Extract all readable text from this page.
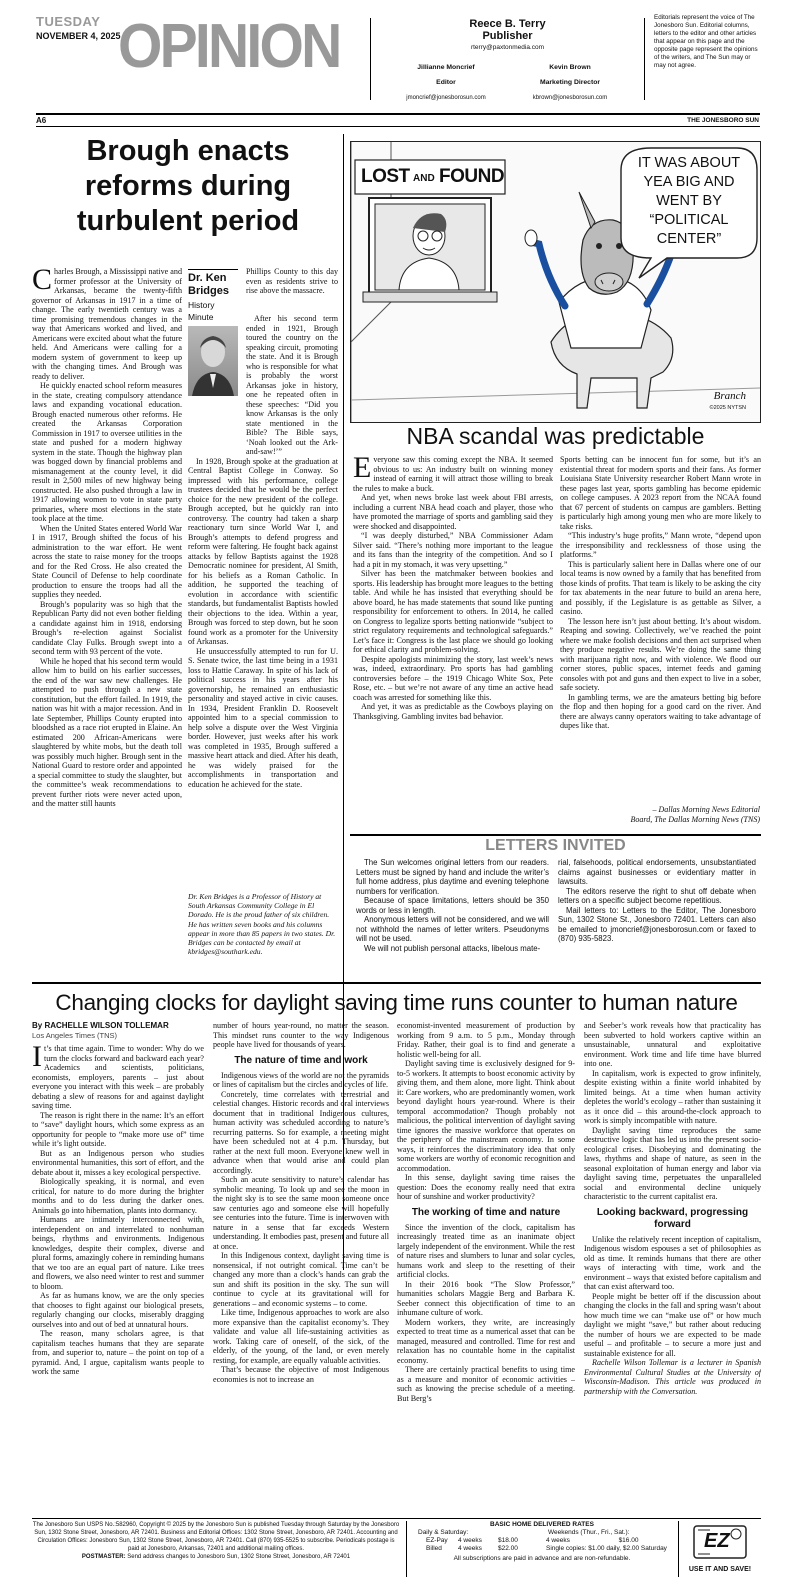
TUESDAY
NOVEMBER 4, 2025
OPINION	Reece B. Terry
Publisher
rterry@paxtonmedia.com
Jillianne Moncrief
Editor
jmoncrief@jonesborosun.com
Kevin Brown
Marketing Director
kbrown@jonesborosun.com
Editorials represent the voice of The Jonesboro Sun. Editorial columns, letters to the editor and other articles that appear on this page and the opposite page represent the opinions of the writers, and The Sun may or may not agree.
A6	THE JONESBORO SUN
Brough enacts reforms during turbulent period

Charles Brough, a Mississippi native and former professor at the University of Arkansas, became the twenty-fifth governor of Arkansas in 1917 in a time of change. The early twentieth century was a time promising tremendous changes in the way that Americans worked and lived, and Americans were excited about what the future held. And Americans were calling for a modern system of government to keep up with the changing times. And Brough was ready to deliver.

He quickly enacted school reform measures in the state, creating compulsory attendance laws and expanding vocational education. Brough enacted numerous other reforms. He created the Arkansas Corporation Commission in 1917 to oversee utilities in the state and pushed for a modern highway system in the state. Though the highway plan was bogged down by financial problems and mismanagement at the county level, it did result in 2,500 miles of new highway being constructed. He also pushed through a law in 1917 allowing women to vote in state party primaries, where most elections in the state took place at the time.

When the United States entered World War I in 1917, Brough shifted the focus of his administration to the war effort. He went across the state to raise money for the troops and for the Red Cross. He also created the State Council of Defense to help coordinate production to ensure the troops had all the supplies they needed.

Brough’s popularity was so high that the Republican Party did not even bother fielding a candidate against him in 1918, endorsing Brough’s re-election against Socialist candidate Clay Fulks. Brough swept into a second term with 93 percent of the vote.

While he hoped that his second term would allow him to build on his earlier successes, the end of the war saw new challenges. He attempted to push through a new state constitution, but the effort failed. In 1919, the nation was hit with a major recession. And in late September, Phillips County erupted into bloodshed as a race riot erupted in Elaine. An estimated 200 African-Americans were slaughtered by white mobs, but the death toll was possibly much higher. Brough sent in the National Guard to restore order and appointed a special committee to study the slaughter, but the committee’s weak recommendations to prevent further riots were never acted upon, and the matter still haunts

Dr. Ken Bridges
History Minute

Phillips County to this day even as residents strive to rise above the massacre.

After his second term ended in 1921, Brough toured the country on the speaking circuit, promoting the state. And it is Brough who is responsible for what is probably the worst Arkansas joke in history, one he repeated often in these speeches: “Did you know Arkansas is the only state mentioned in the Bible? The Bible says, ‘Noah looked out the Ark-and-saw!’”

In 1928, Brough spoke at the graduation at Central Baptist College in Conway. So impressed with his performance, college trustees decided that he would be the perfect choice for the new president of the college. Brough accepted, but he quickly ran into controversy. The country had taken a sharp reactionary turn since World War I, and Brough’s attempts to defend progress and reform were faltering. He fought back against attacks by fellow Baptists against the 1928 Democratic nominee for president, Al Smith, for his beliefs as a Roman Catholic. In addition, he supported the teaching of evolution in accordance with scientific standards, but fundamentalist Baptists howled their objections to the idea. Within a year, Brough was forced to step down, but he soon found work as a promoter for the University of Arkansas.

He unsuccessfully attempted to run for U. S. Senate twice, the last time being in a 1931 loss to Hattie Caraway. In spite of his lack of political success in his years after his governorship, he remained an enthusiastic personality and stayed active in civic causes. In 1934, President Franklin D. Roosevelt appointed him to a special commission to help solve a dispute over the West Virginia border. However, just weeks after his work was completed in 1935, Brough suffered a massive heart attack and died. After his death, he was widely praised for the accomplishments in transportation and education he achieved for the state.

Dr. Ken Bridges is a Professor of History at South Arkansas Community College in El Dorado. He is the proud father of six children. He has written seven books and his columns appear in more than 85 papers in two states. Dr. Bridges can be contacted by email at kbridges@southark.edu.
LOST AND FOUND
IT WAS ABOUT
YEA BIG AND
WENT BY
“POLITICAL
CENTER”
Branch
©2025 NYTSN
NBA scandal was predictable

Everyone saw this coming except the NBA. It seemed obvious to us: An industry built on winning money instead of earning it will attract those willing to break the rules to make a buck.

And yet, when news broke last week about FBI arrests, including a current NBA head coach and player, those who have promoted the marriage of sports and gambling said they were shocked and disappointed.

“I was deeply disturbed,” NBA Commissioner Adam Silver said. “There’s nothing more important to the league and its fans than the integrity of the competition. And so I had a pit in my stomach, it was very upsetting.”

Silver has been the matchmaker between bookies and sports. His leadership has brought more leagues to the betting table. And while he has insisted that everything should be above board, he has made statements that sound like punting responsibility for enforcement to others. In 2014, he called on Congress to legalize sports betting nationwide “subject to strict regulatory requirements and technological safeguards.” Let’s face it: Congress is the last place we should go looking for ethical clarity and problem-solving.

Despite apologists minimizing the story, last week’s news was, indeed, extraordinary. Pro sports has had gambling controversies before – the 1919 Chicago White Sox, Pete Rose, etc. – but we’re not aware of any time an active head coach was arrested for something like this.

And yet, it was as predictable as the Cowboys playing on Thanksgiving. Gambling invites bad behavior.

Sports betting can be innocent fun for some, but it’s an existential threat for modern sports and their fans. As former Louisiana State University researcher Robert Mann wrote in these pages last year, sports gambling has become epidemic on college campuses. A 2023 report from the NCAA found that 67 percent of students on campus are gamblers. Betting is particularly high among young men who are more likely to take risks.

“This industry’s huge profits,” Mann wrote, “depend upon the irresponsibility and recklessness of those using the platforms.”

This is particularly salient here in Dallas where one of our local teams is now owned by a family that has benefited from those kinds of profits. That team is likely to be asking the city for tax abatements in the near future to build an arena here, and possibly, if the Legislature is as gettable as Silver, a casino.

The lesson here isn’t just about betting. It’s about wisdom. Reaping and sowing. Collectively, we’ve reached the point where we make foolish decisions and then act surprised when they produce negative results. We’re doing the same thing with marijuana right now, and with violence. We flood our corner stores, public spaces, internet feeds and gaming consoles with pot and guns and then expect to live in a sober, safe society.

In gambling terms, we are the amateurs betting big before the flop and then hoping for a good card on the river. And there are always canny operators waiting to take advantage of dupes like that.

– Dallas Morning News Editorial
Board, The Dallas Morning News (TNS)
LETTERS INVITED

The Sun welcomes original letters from our readers. Letters must be signed by hand and include the writer’s full home address, plus daytime and evening telephone numbers for verification.

Because of space limitations, letters should be 350 words or less in length.

Anonymous letters will not be considered, and we will not withhold the names of letter writers. Pseudonyms will not be used.

We will not publish personal attacks, libelous mate-

rial, falsehoods, political endorsements, unsubstantiated claims against businesses or evidentiary matter in lawsuits.

The editors reserve the right to shut off debate when letters on a specific subject become repetitious.

Mail letters to: Letters to the Editor, The Jonesboro Sun, 1302 Stone St., Jonesboro 72401. Letters can also be emailed to jmoncrief@jonesborosun.com or faxed to (870) 935-5823.

Changing clocks for daylight saving time runs counter to human nature
By RACHELLE WILSON TOLLEMAR
Los Angeles Times (TNS)

It’s that time again. Time to wonder: Why do we turn the clocks forward and backward each year? Academics and scientists, politicians, economists, employers, parents – just about everyone you interact with this week – are probably debating a slew of reasons for and against daylight saving time.

The reason is right there in the name: It’s an effort to “save” daylight hours, which some express as an opportunity for people to “make more use of” time while it’s light outside.

But as an Indigenous person who studies environmental humanities, this sort of effort, and the debate about it, misses a key ecological perspective.

Biologically speaking, it is normal, and even critical, for nature to do more during the brighter months and to do less during the darker ones. Animals go into hibernation, plants into dormancy.

Humans are intimately interconnected with, interdependent on and interrelated to nonhuman beings, rhythms and environments. Indigenous knowledges, despite their complex, diverse and plural forms, amazingly cohere in reminding humans that we too are an equal part of nature. Like trees and flowers, we also need winter to rest and summer to bloom.

As far as humans know, we are the only species that chooses to fight against our biological presets, regularly changing our clocks, miserably dragging ourselves into and out of bed at unnatural hours.

The reason, many scholars agree, is that capitalism teaches humans that they are separate from, and superior to, nature – the point on top of a pyramid. And, I argue, capitalism wants people to work the same

number of hours year-round, no matter the season. This mindset runs counter to the way Indigenous people have lived for thousands of years.

The nature of time and work

Indigenous views of the world are not the pyramids or lines of capitalism but the circles and cycles of life.

Concretely, time correlates with terrestrial and celestial changes. Historic records and oral interviews document that in traditional Indigenous cultures, human activity was scheduled according to nature’s recurring patterns. So for example, a meeting might have been scheduled not at 4 p.m. Thursday, but rather at the next full moon. Everyone knew well in advance when that would arise and could plan accordingly.

Such an acute sensitivity to nature’s calendar has symbolic meaning. To look up and see the moon in the night sky is to see the same moon someone once saw centuries ago and someone else will hopefully see centuries into the future. Time is interwoven with nature in a sense that far exceeds Western understanding. It embodies past, present and future all at once.

In this Indigenous context, daylight saving time is nonsensical, if not outright comical. Time can’t be changed any more than a clock’s hands can grab the sun and shift its position in the sky. The sun will continue to cycle at its gravitational will for generations – and economic systems – to come.

Like time, Indigenous approaches to work are also more expansive than the capitalist economy’s. They validate and value all life-sustaining activities as work. Taking care of oneself, of the sick, of the elderly, of the young, of the land, or even merely resting, for example, are equally valuable activities.

That’s because the objective of most Indigenous economies is not to increase an

economist-invented measurement of production by working from 9 a.m. to 5 p.m., Monday through Friday. Rather, their goal is to find and generate a holistic well-being for all.

Daylight saving time is exclusively designed for 9-to-5 workers. It attempts to boost economic activity by giving them, and them alone, more light. Think about it: Care workers, who are predominantly women, work beyond daylight hours year-round. Where is their temporal accommodation? Though probably not malicious, the political intervention of daylight saving time ignores the massive workforce that operates on the periphery of the mainstream economy. In some ways, it reinforces the discriminatory idea that only some workers are worthy of economic recognition and accommodation.

In this sense, daylight saving time raises the question: Does the economy really need that extra hour of sunshine and worker productivity?

The working of time and nature

Since the invention of the clock, capitalism has increasingly treated time as an inanimate object largely independent of the environment. While the rest of nature rises and slumbers to lunar and solar cycles, humans work and sleep to the resetting of their artificial clocks.

In their 2016 book “The Slow Professor,” humanities scholars Maggie Berg and Barbara K. Seeber connect this objectification of time to an inhumane culture of work.

Modern workers, they write, are increasingly expected to treat time as a numerical asset that can be managed, measured and controlled. Time for rest and relaxation has no countable home in the capitalist economy.

There are certainly practical benefits to using time as a measure and monitor of economic activities – such as knowing the precise schedule of a meeting. But Berg’s

and Seeber’s work reveals how that practicality has been subverted to hold workers captive within an unsustainable, unnatural and exploitative environment. Work time and life time have blurred into one.

In capitalism, work is expected to grow infinitely, despite existing within a finite world inhabited by limited beings. At a time when human activity depletes the world’s ecology – rather than sustaining it as it once did – this around-the-clock approach to work is simply incompatible with nature.

Daylight saving time reproduces the same destructive logic that has led us into the present socio-ecological crises. Disobeying and dominating the laws, rhythms and shape of nature, as seen in the seasonal exploitation of human energy and labor via daylight saving time, perpetuates the unparalleled social and environmental decline uniquely characteristic to the current capitalist era.

Looking backward, progressing forward

Unlike the relatively recent inception of capitalism, Indigenous wisdom espouses a set of philosophies as old as time. It reminds humans that there are other ways of interacting with time, work and the environment – ways that existed before capitalism and that can exist afterward too.

People might be better off if the discussion about changing the clocks in the fall and spring wasn’t about how much time we can “make use of” or how much daylight we might “save,” but rather about reducing the number of hours we are expected to be made useful – and profitable – to secure a more just and sustainable existence for all.

Rachelle Wilson Tollemar is a lecturer in Spanish Environmental Cultural Studies at the University of Wisconsin-Madison. This article was produced in partnership with the Conversation.

The Jonesboro Sun USPS No.:582960, Copyright © 2025 by the Jonesboro Sun is published Tuesday through Saturday by the Jonesboro Sun, 1302 Stone Street, Jonesboro, AR 72401. Business and Editorial Offices: 1302 Stone Street, Jonesboro, AR 72401. Accounting and Circulation Offices: Jonesboro Sun, 1302 Stone Street, Jonesboro, AR 72401. Call (870) 935-5525 to subscribe. Periodicals postage is paid at Jonesboro, Arkansas, 72401 and additional mailing offices.
POSTMASTER: Send address changes to Jonesboro Sun, 1302 Stone Street, Jonesboro, AR 72401
BASIC HOME DELIVERED RATES
Daily & Saturday:	Weekends (Thur., Fri., Sat.):
EZ-Pay	4 weeks	$18.00	4 weeks	$16.00
Billed	4 weeks	$22.00	Single copies: $1.00 daily, $2.00 Saturday	
All subscriptions are paid in advance and are non-refundable.
EZ
USE IT AND SAVE!
